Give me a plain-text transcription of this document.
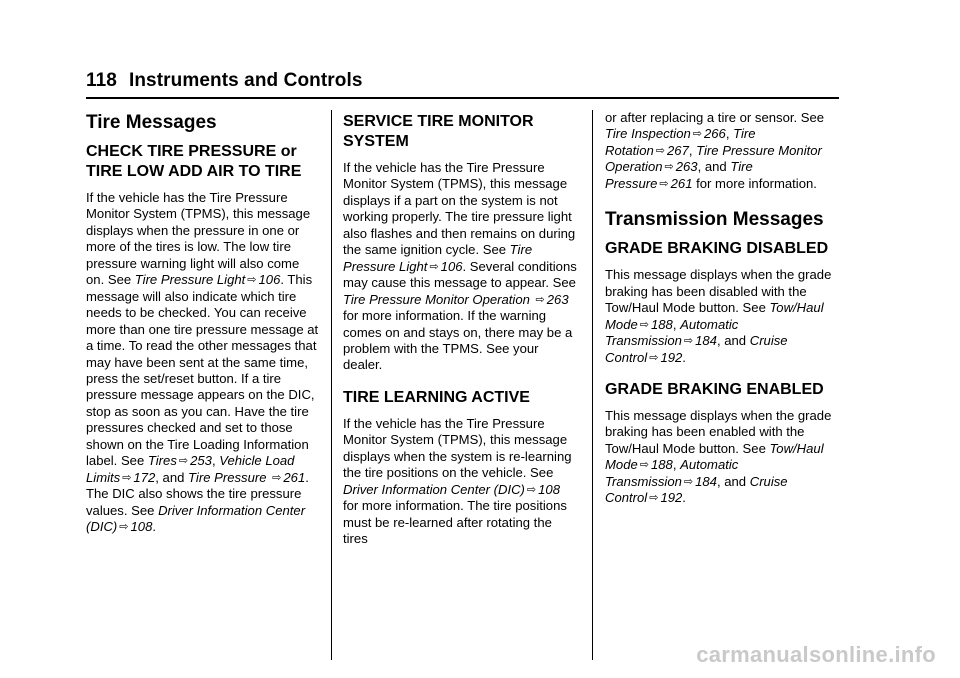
118 Instruments and Controls
Tire Messages
CHECK TIRE PRESSURE or TIRE LOW ADD AIR TO TIRE

If the vehicle has the Tire Pressure Monitor System (TPMS), this message displays when the pressure in one or more of the tires is low. The low tire pressure warning light will also come on. See Tire Pressure Light ⇨ 106. This message will also indicate which tire needs to be checked. You can receive more than one tire pressure message at a time. To read the other messages that may have been sent at the same time, press the set/reset button. If a tire pressure message appears on the DIC, stop as soon as you can. Have the tire pressures checked and set to those shown on the Tire Loading Information label. See Tires ⇨ 253, Vehicle Load Limits ⇨ 172, and Tire Pressure ⇨ 261. The DIC also shows the tire pressure values. See Driver Information Center (DIC) ⇨ 108.

SERVICE TIRE MONITOR SYSTEM

If the vehicle has the Tire Pressure Monitor System (TPMS), this message displays if a part on the system is not working properly. The tire pressure light also flashes and then remains on during the same ignition cycle. See Tire Pressure Light ⇨ 106. Several conditions may cause this message to appear. See Tire Pressure Monitor Operation ⇨ 263 for more information. If the warning comes on and stays on, there may be a problem with the TPMS. See your dealer.

TIRE LEARNING ACTIVE

If the vehicle has the Tire Pressure Monitor System (TPMS), this message displays when the system is re-learning the tire positions on the vehicle. See Driver Information Center (DIC) ⇨ 108 for more information. The tire positions must be re-learned after rotating the tires

or after replacing a tire or sensor. See Tire Inspection ⇨ 266, Tire Rotation ⇨ 267, Tire Pressure Monitor Operation ⇨ 263, and Tire Pressure ⇨ 261 for more information.

Transmission Messages
GRADE BRAKING DISABLED

This message displays when the grade braking has been disabled with the Tow/Haul Mode button. See Tow/Haul Mode ⇨ 188, Automatic Transmission ⇨ 184, and Cruise Control ⇨ 192.

GRADE BRAKING ENABLED

This message displays when the grade braking has been enabled with the Tow/Haul Mode button. See Tow/Haul Mode ⇨ 188, Automatic Transmission ⇨ 184, and Cruise Control ⇨ 192.

carmanualsonline.info
